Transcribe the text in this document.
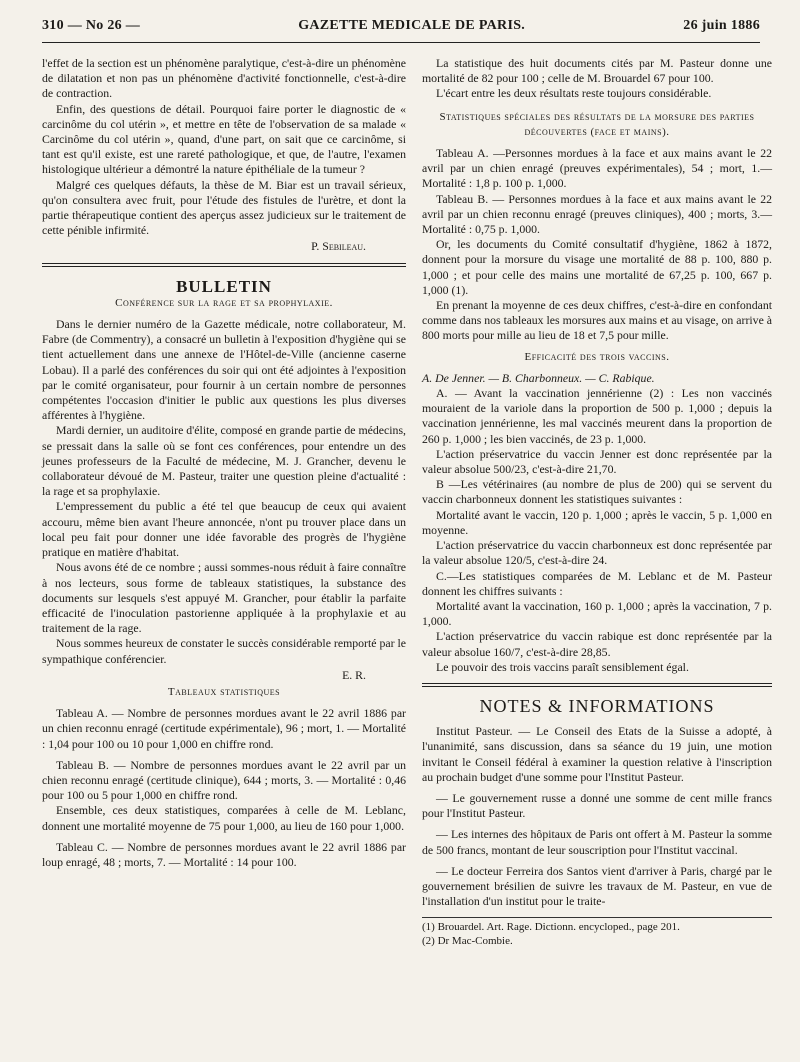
310 — No 26 —	GAZETTE MEDICALE DE PARIS.	26 juin 1886

l'effet de la section est un phénomène paralytique, c'est-à-dire un phénomène de dilatation et non pas un phénomène d'activité fonctionnelle, c'est-à-dire de contraction.

Enfin, des questions de détail. Pourquoi faire porter le diagnostic de « carcinôme du col utérin », et mettre en tête de l'observation de sa malade « Carcinôme du col utérin », quand, d'une part, on sait que ce carcinôme, si tant est qu'il existe, est une rareté pathologique, et que, de l'autre, l'examen histologique ultérieur a démontré la nature épithéliale de la tumeur ?

Malgré ces quelques défauts, la thèse de M. Biar est un travail sérieux, qu'on consultera avec fruit, pour l'étude des fistules de l'urètre, et dont la partie thérapeutique contient des aperçus assez judicieux sur le traitement de cette pénible infirmité.

P. Sebileau.
BULLETIN
Conférence sur la rage et sa prophylaxie.

Dans le dernier numéro de la Gazette médicale, notre collaborateur, M. Fabre (de Commentry), a consacré un bulletin à l'exposition d'hygiène qui se tient actuellement dans une annexe de l'Hôtel-de-Ville (ancienne caserne Lobau). Il a parlé des conférences du soir qui ont été adjointes à l'exposition par le comité organisateur, pour fournir à un certain nombre de personnes compétentes l'occasion d'initier le public aux questions les plus diverses afférentes à l'hygiène.

Mardi dernier, un auditoire d'élite, composé en grande partie de médecins, se pressait dans la salle où se font ces conférences, pour entendre un des jeunes professeurs de la Faculté de médecine, M. J. Grancher, devenu le collaborateur dévoué de M. Pasteur, traiter une question pleine d'actualité : la rage et sa prophylaxie.

L'empressement du public a été tel que beaucup de ceux qui avaient accouru, même bien avant l'heure annoncée, n'ont pu trouver place dans un local peu fait pour donner une idée favorable des progrès de l'hygiène pratique en matière d'habitat.

Nous avons été de ce nombre ; aussi sommes-nous réduit à faire connaître à nos lecteurs, sous forme de tableaux statistiques, la substance des documents sur lesquels s'est appuyé M. Grancher, pour établir la parfaite efficacité de l'inoculation pastorienne appliquée à la prophylaxie et au traitement de la rage.

Nous sommes heureux de constater le succès considérable remporté par le sympathique conférencier.

E. R.
Tableaux statistiques

Tableau A. — Nombre de personnes mordues avant le 22 avril 1886 par un chien reconnu enragé (certitude expérimentale), 96 ; mort, 1. — Mortalité : 1,04 pour 100 ou 10 pour 1,000 en chiffre rond.

Tableau B. — Nombre de personnes mordues avant le 22 avril par un chien reconnu enragé (certitude clinique), 644 ; morts, 3. — Mortalité : 0,46 pour 100 ou 5 pour 1,000 en chiffre rond.

Ensemble, ces deux statistiques, comparées à celle de M. Leblanc, donnent une mortalité moyenne de 75 pour 1,000, au lieu de 160 pour 1,000.

Tableau C. — Nombre de personnes mordues avant le 22 avril 1886 par loup enragé, 48 ; morts, 7. — Mortalité : 14 pour 100.

La statistique des huit documents cités par M. Pasteur donne une mortalité de 82 pour 100 ; celle de M. Brouardel 67 pour 100.

L'écart entre les deux résultats reste toujours considérable.

Statistiques spéciales des résultats de la morsure des parties découvertes (face et mains).

Tableau A. —Personnes mordues à la face et aux mains avant le 22 avril par un chien enragé (preuves expérimentales), 54 ; mort, 1.—Mortalité : 1,8 p. 100 p. 1,000.

Tableau B. — Personnes mordues à la face et aux mains avant le 22 avril par un chien reconnu enragé (preuves cliniques), 400 ; morts, 3.—Mortalité : 0,75 p. 1,000.

Or, les documents du Comité consultatif d'hygiène, 1862 à 1872, donnent pour la morsure du visage une mortalité de 88 p. 100, 880 p. 1,000 ; et pour celle des mains une mortalité de 67,25 p. 100, 667 p. 1,000 (1).

En prenant la moyenne de ces deux chiffres, c'est-à-dire en confondant comme dans nos tableaux les morsures aux mains et au visage, on arrive à 800 morts pour mille au lieu de 18 et 7,5 pour mille.

Efficacité des trois vaccins.

A. De Jenner. — B. Charbonneux. — C. Rabique.

A. — Avant la vaccination jennérienne (2) : Les non vaccinés mouraient de la variole dans la proportion de 500 p. 1,000 ; depuis la vaccination jennérienne, les mal vaccinés meurent dans la proportion de 260 p. 1,000 ; les bien vaccinés, de 23 p. 1,000.

L'action préservatrice du vaccin Jenner est donc représentée par la valeur absolue 500/23, c'est-à-dire 21,70.

B —Les vétérinaires (au nombre de plus de 200) qui se servent du vaccin charbonneux donnent les statistiques suivantes :

Mortalité avant le vaccin, 120 p. 1,000 ; après le vaccin, 5 p. 1,000 en moyenne.

L'action préservatrice du vaccin charbonneux est donc représentée par la valeur absolue 120/5, c'est-à-dire 24.

C.—Les statistiques comparées de M. Leblanc et de M. Pasteur donnent les chiffres suivants :

Mortalité avant la vaccination, 160 p. 1,000 ; après la vaccination, 7 p. 1,000.

L'action préservatrice du vaccin rabique est donc représentée par la valeur absolue 160/7, c'est-à-dire 28,85.

Le pouvoir des trois vaccins paraît sensiblement égal.

NOTES & INFORMATIONS

Institut Pasteur. — Le Conseil des Etats de la Suisse a adopté, à l'unanimité, sans discussion, dans sa séance du 19 juin, une motion invitant le Conseil fédéral à examiner la question relative à l'inscription au prochain budget d'une somme pour l'Institut Pasteur.

— Le gouvernement russe a donné une somme de cent mille francs pour l'Institut Pasteur.

— Les internes des hôpitaux de Paris ont offert à M. Pasteur la somme de 500 francs, montant de leur souscription pour l'Institut vaccinal.

— Le docteur Ferreira dos Santos vient d'arriver à Paris, chargé par le gouvernement brésilien de suivre les travaux de M. Pasteur, en vue de l'installation d'un institut pour le traite-

(1) Brouardel. Art. Rage. Dictionn. encycloped., page 201.

(2) Dr Mac-Combie.
